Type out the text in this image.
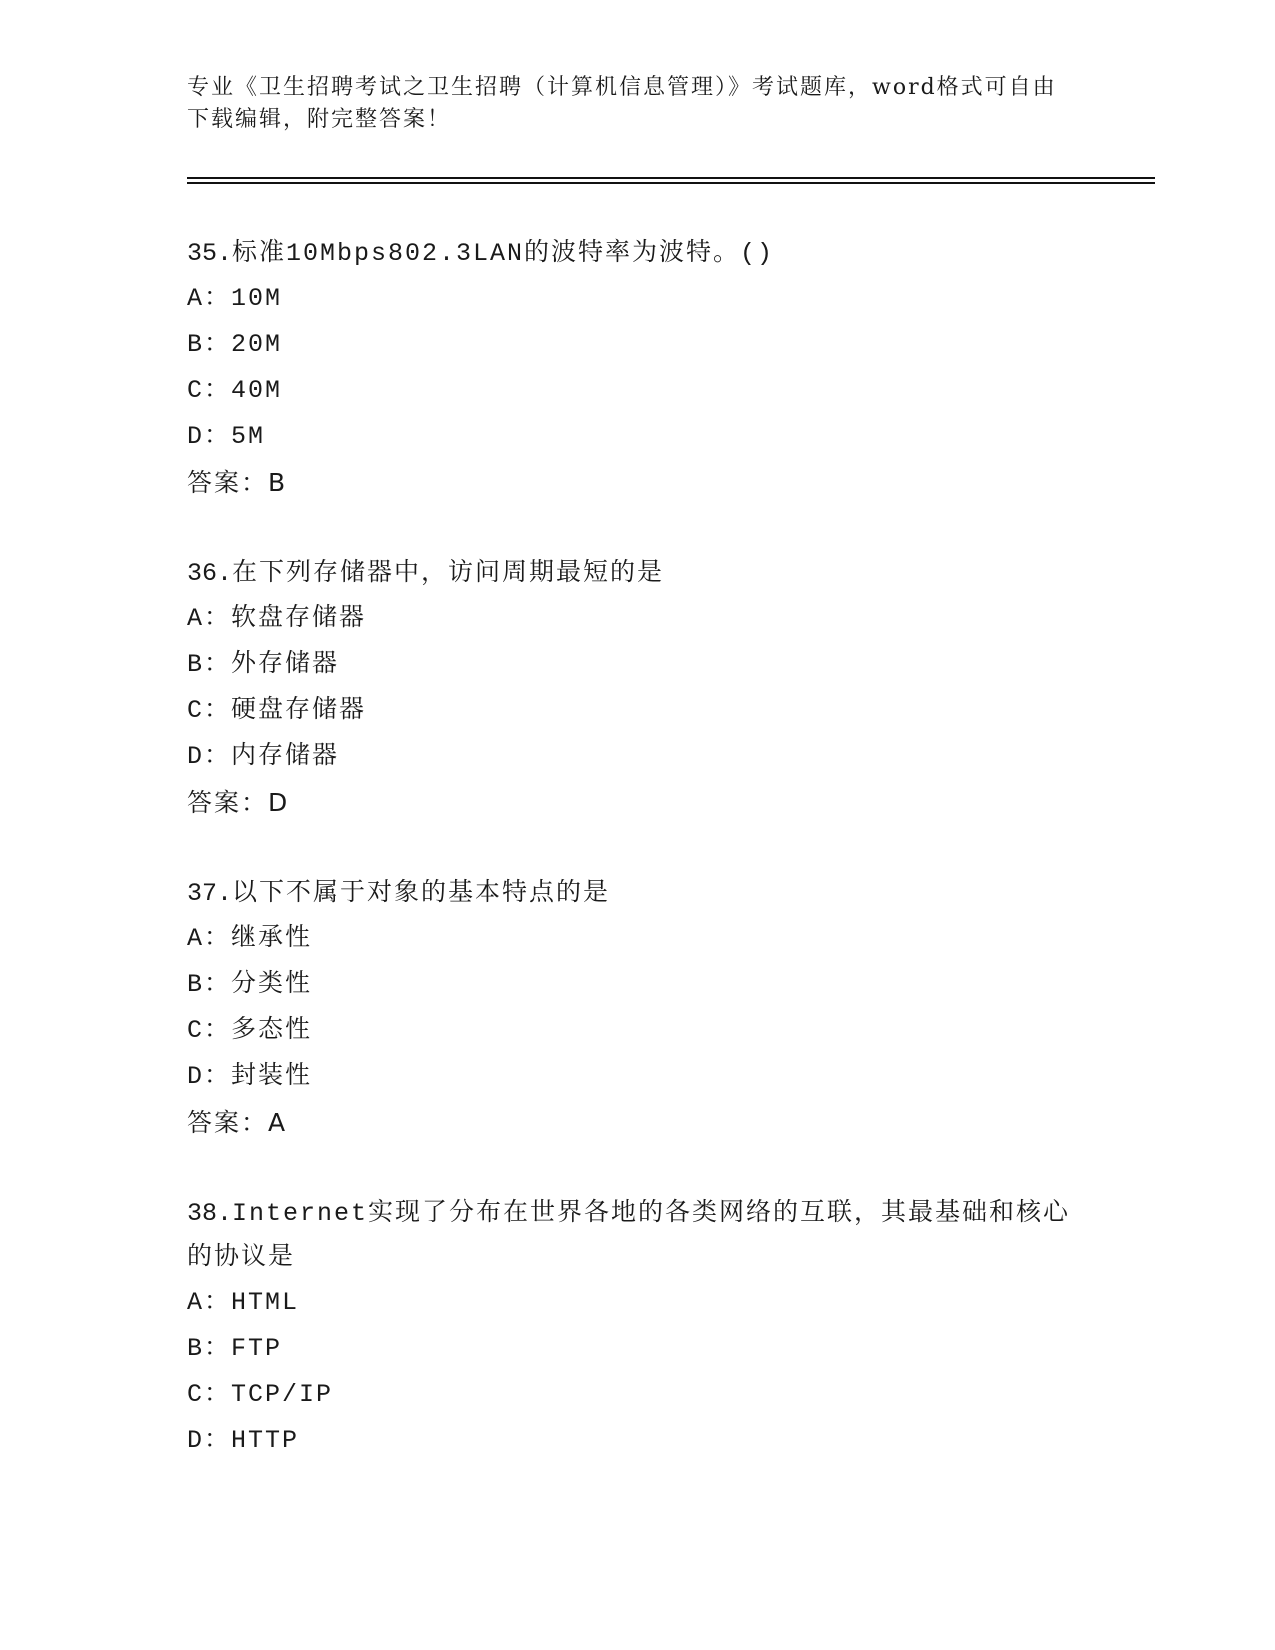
专业《卫生招聘考试之卫生招聘（计算机信息管理）》考试题库，word格式可自由下载编辑，附完整答案！
35.标准10Mbps802.3LAN的波特率为波特。()
A：10M
B：20M
C：40M
D：5M
答案：B
36.在下列存储器中，访问周期最短的是
A：软盘存储器
B：外存储器
C：硬盘存储器
D：内存储器
答案：D
37.以下不属于对象的基本特点的是
A：继承性
B：分类性
C：多态性
D：封装性
答案：A
38.Internet实现了分布在世界各地的各类网络的互联，其最基础和核心的协议是
A：HTML
B：FTP
C：TCP/IP
D：HTTP
